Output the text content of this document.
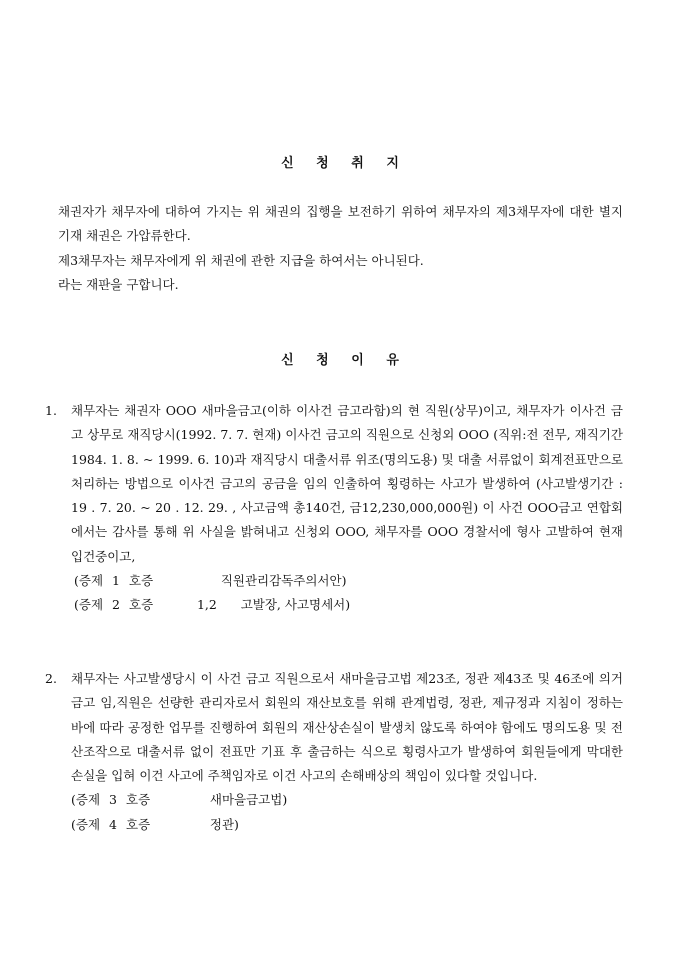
신 청 취 지

채권자가 채무자에 대하여 가지는 위 채권의 집행을 보전하기 위하여 채무자의 제3채무자에 대한 별지 기재 채권은 가압류한다.

제3채무자는 채무자에게 위 채권에 관한 지급을 하여서는 아니된다.

라는 재판을 구합니다.

신 청 이 유

1. 채무자는 채권자 OOO 새마을금고(이하 이사건 금고라함)의 현 직원(상무)이고, 채무자가 이사건 금고 상무로 재직당시(1992. 7. 7. 현재) 이사건 금고의 직원으로 신청외 OOO (직위:전 전무, 재직기간 1984. 1. 8. ~ 1999. 6. 10)과 재직당시 대출서류 위조(명의도용) 및 대출 서류없이 회계전표만으로 처리하는 방법으로 이사건 금고의 공금을 임의 인출하여 횡령하는 사고가 발생하여 (사고발생기간 : 19 . 7. 20. ~ 20 . 12. 29. , 사고금액 총140건, 금12,230,000,000원) 이 사건 OOO금고 연합회에서는 감사를 통해 위 사실을 밝혀내고 신청외 OOO, 채무자를 OOO 경찰서에 형사 고발하여 현재 입건중이고,

(증제 1 호증	직원관리감독주의서안)

(증제 2 호증	1,2      고발장, 사고명세서)

2. 채무자는 사고발생당시 이 사건 금고 직원으로서 새마을금고법 제23조, 정관 제43조 및 46조에 의거 금고 임,직원은 선량한 관리자로서 회원의 재산보호를 위해 관계법령, 정관, 제규정과 지침이 정하는 바에 따라 공정한 업무를 진행하여 회원의 재산상손실이 발생치 않도록 하여야 함에도 명의도용 및 전산조작으로 대출서류 없이 전표만 기표 후 출금하는 식으로 횡령사고가 발생하여 회원들에게 막대한 손실을 입혀 이건 사고에 주책임자로 이건 사고의 손해배상의 책임이 있다할 것입니다.

(증제 3 호증	새마을금고법)

(증제 4 호증	정관)
